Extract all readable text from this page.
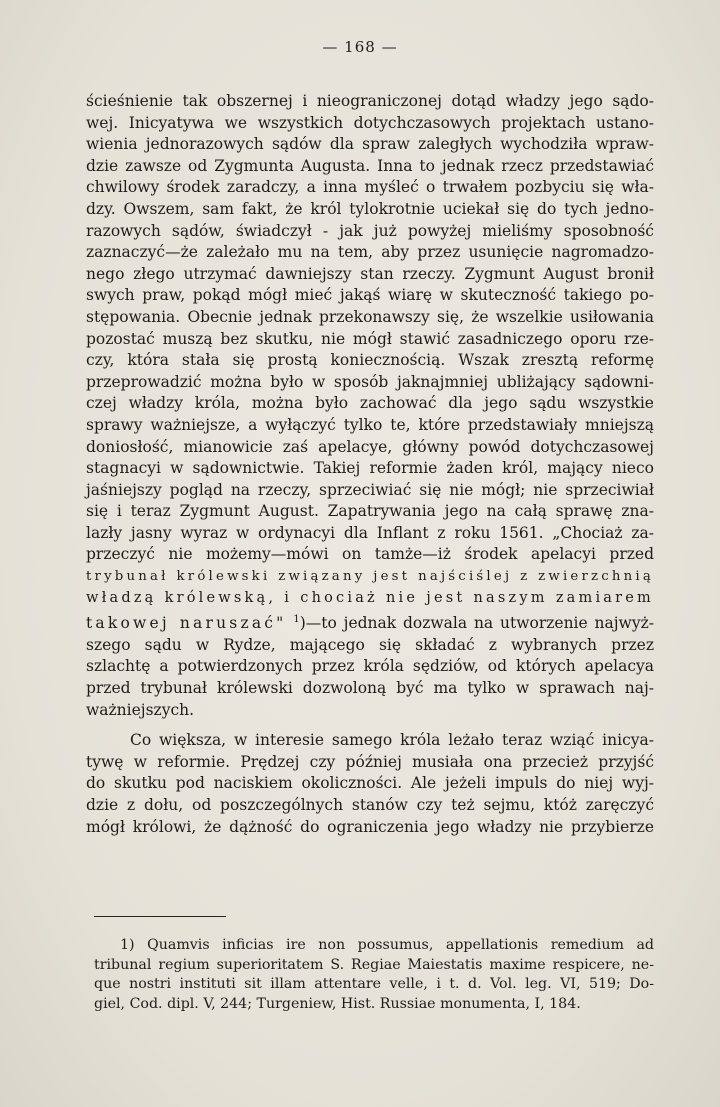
— 168 —
ścieśnienie tak obszernej i nieograniczonej dotąd władzy jego sądo-
wej. Inicyatywa we wszystkich dotychczasowych projektach ustano-
wienia jednorazowych sądów dla spraw zaległych wychodziła wpraw-
dzie zawsze od Zygmunta Augusta. Inna to jednak rzecz przedstawiać
chwilowy środek zaradczy, a inna myśleć o trwałem pozbyciu się wła-
dzy. Owszem, sam fakt, że król tylokrotnie uciekał się do tych jedno-
razowych sądów, świadczył - jak już powyżej mieliśmy sposobność
zaznaczyć—że zależało mu na tem, aby przez usunięcie nagromadzo-
nego złego utrzymać dawniejszy stan rzeczy. Zygmunt August bronił
swych praw, pokąd mógł mieć jakąś wiarę w skuteczność takiego po-
stępowania. Obecnie jednak przekonawszy się, że wszelkie usiłowania
pozostać muszą bez skutku, nie mógł stawić zasadniczego oporu rze-
czy, która stała się prostą koniecznością. Wszak zresztą reformę
przeprowadzić można było w sposób jaknajmniej ubliżający sądowni-
czej władzy króla, można było zachować dla jego sądu wszystkie
sprawy ważniejsze, a wyłączyć tylko te, które przedstawiały mniejszą
doniosłość, mianowicie zaś apelacye, główny powód dotychczasowej
stagnacyi w sądownictwie. Takiej reformie żaden król, mający nieco
jaśniejszy pogląd na rzeczy, sprzeciwiać się nie mógł; nie sprzeciwiał
się i teraz Zygmunt August. Zapatrywania jego na całą sprawę zna-
lazły jasny wyraz w ordynacyi dla Inflant z roku 1561. „Chociaż za-
przeczyć nie możemy—mówi on tamże—iż środek apelacyi przed
trybunał królewski związany jest najściślej z zwierzchnią
władzą królewską, i chociaż nie jest naszym zamiarem
takowej naruszać" $^1$)—to jednak dozwala na utworzenie najwyż-
szego sądu w Rydze, mającego się składać z wybranych przez
szlachtę a potwierdzonych przez króla sędziów, od których apelacya
przed trybunał królewski dozwoloną być ma tylko w sprawach naj-
ważniejszych.
Co większa, w interesie samego króla leżało teraz wziąć inicya-
tywę w reformie. Prędzej czy później musiała ona przecież przyjść
do skutku pod naciskiem okoliczności. Ale jeżeli impuls do niej wyj-
dzie z dołu, od poszczególnych stanów czy też sejmu, któż zaręczyć
mógł królowi, że dążność do ograniczenia jego władzy nie przybierze
1) Quamvis inficias ire non possumus, appellationis remedium ad
tribunal regium superioritatem S. Regiae Maiestatis maxime respicere, ne-
que nostri instituti sit illam attentare velle, i t. d. Vol. leg. VI, 519; Do-
giel, Cod. dipl. V, 244; Turgeniew, Hist. Russiae monumenta, I, 184.
